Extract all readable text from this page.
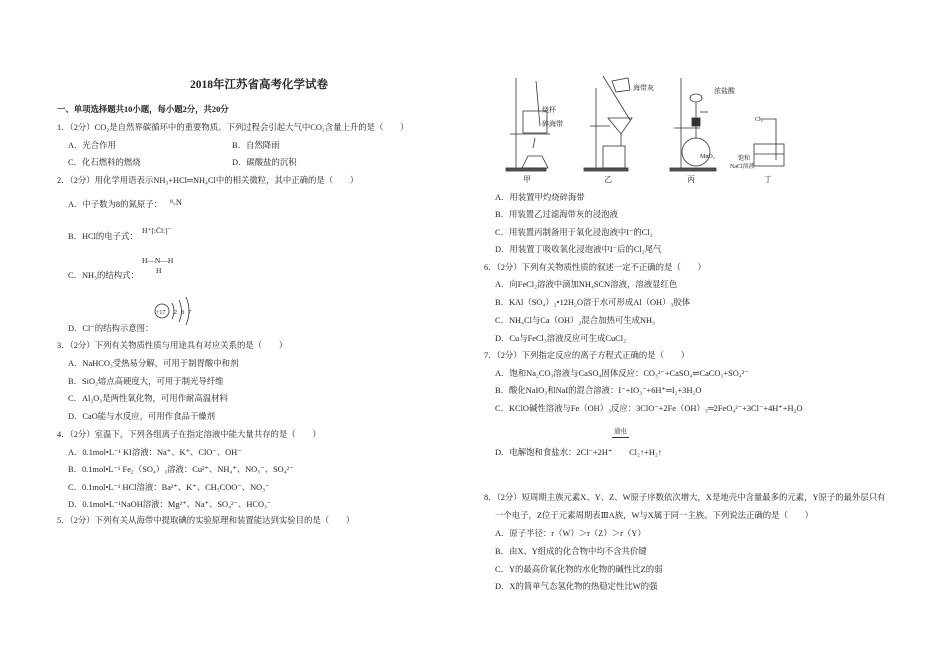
2018年江苏省高考化学试卷
一、单项选择题共10小题，每小题2分，共20分
1．（2分）CO₂是自然界碳循环中的重要物质。下列过程会引起大气中CO₂含量上升的是（　　）
A．光合作用	B．自然降雨
C．化石燃料的燃烧	D．碳酸盐的沉积
2．（2分）用化学用语表示NH₃+HCl═NH₄Cl中的相关微粒，其中正确的是（　　）
A．中子数为8的氮原子： ⁸₇N
B．HCl的电子式：
H⁺[:C̈l:]⁻
C．NH₃的结构式：
H—N—H
H
+17 2 8 7
D．Cl⁻的结构示意图：
3．（2分）下列有关物质性质与用途具有对应关系的是（　　）
A．NaHCO₃受热易分解，可用于制胃酸中和剂
B．SiO₂熔点高硬度大，可用于制光导纤维
C．Al₂O₃是两性氧化物，可用作耐高温材料
D．CaO能与水反应，可用作食品干燥剂
4．（2分）室温下，下列各组离子在指定溶液中能大量共存的是（　　）
A．0.1mol•L⁻¹ KI溶液：Na⁺、K⁺、ClO⁻、OH⁻
B．0.1mol•L⁻¹ Fe₂（SO₄）₃溶液：Cu²⁺、NH₄⁺、NO₃⁻、SO₄²⁻
C．0.1mol•L⁻¹ HCl溶液：Ba²⁺、K⁺、CH₃COO⁻、NO₃⁻
D．0.1mol•L⁻¹NaOH溶液：Mg²⁺、Na⁺、SO₄²⁻、HCO₃⁻
5．（2分）下列有关从海带中提取碘的实验原理和装置能达到实验目的是（　　）
烧杯
碎海带
海带灰	浓盐酸
MnO₂
Cl₂
饱和
NaCl溶液
甲	乙	丙	丁
A．用装置甲灼烧碎海带
B．用装置乙过滤海带灰的浸泡液
C．用装置丙制备用于氧化浸泡液中I⁻的Cl₂
D．用装置丁吸收氧化浸泡液中I⁻后的Cl₂尾气
6．（2分）下列有关物质性质的叙述一定不正确的是（　　）
A．向FeCl₂溶液中滴加NH₄SCN溶液，溶液显红色
B．KAl（SO₄）₂•12H₂O溶于水可形成Al（OH）₃胶体
C．NH₄Cl与Ca（OH）₂混合加热可生成NH₃
D．Cu与FeCl₃溶液反应可生成CuCl₂
7．（2分）下列指定反应的离子方程式正确的是（　　）
A．饱和Na₂CO₃溶液与CaSO₄固体反应：CO₃²⁻+CaSO₄⇌CaCO₃+SO₄²⁻
B．酸化NaIO₃和NaI的混合溶液：I⁻+IO₃⁻+6H⁺═I₂+3H₂O
C．KClO碱性溶液与Fe（OH）₃反应：3ClO⁻+2Fe（OH）₃═2FeO₄²⁻+3Cl⁻+4H⁺+H₂O
通电
D．电解饱和食盐水：2Cl⁻+2H⁺　　Cl₂↑+H₂↑
8．（2分）短周期主族元素X、Y、Z、W原子序数依次增大，X是地壳中含量最多的元素，Y原子的最外层只有
一个电子，Z位于元素周期表ⅢA族，W与X属于同一主族。下列说法正确的是（　　）
A．原子半径：r（W）＞r（Z）＞r（Y）
B．由X、Y组成的化合物中均不含共价键
C．Y的最高价氧化物的水化物的碱性比Z的弱
D．X的简单气态氢化物的热稳定性比W的强
